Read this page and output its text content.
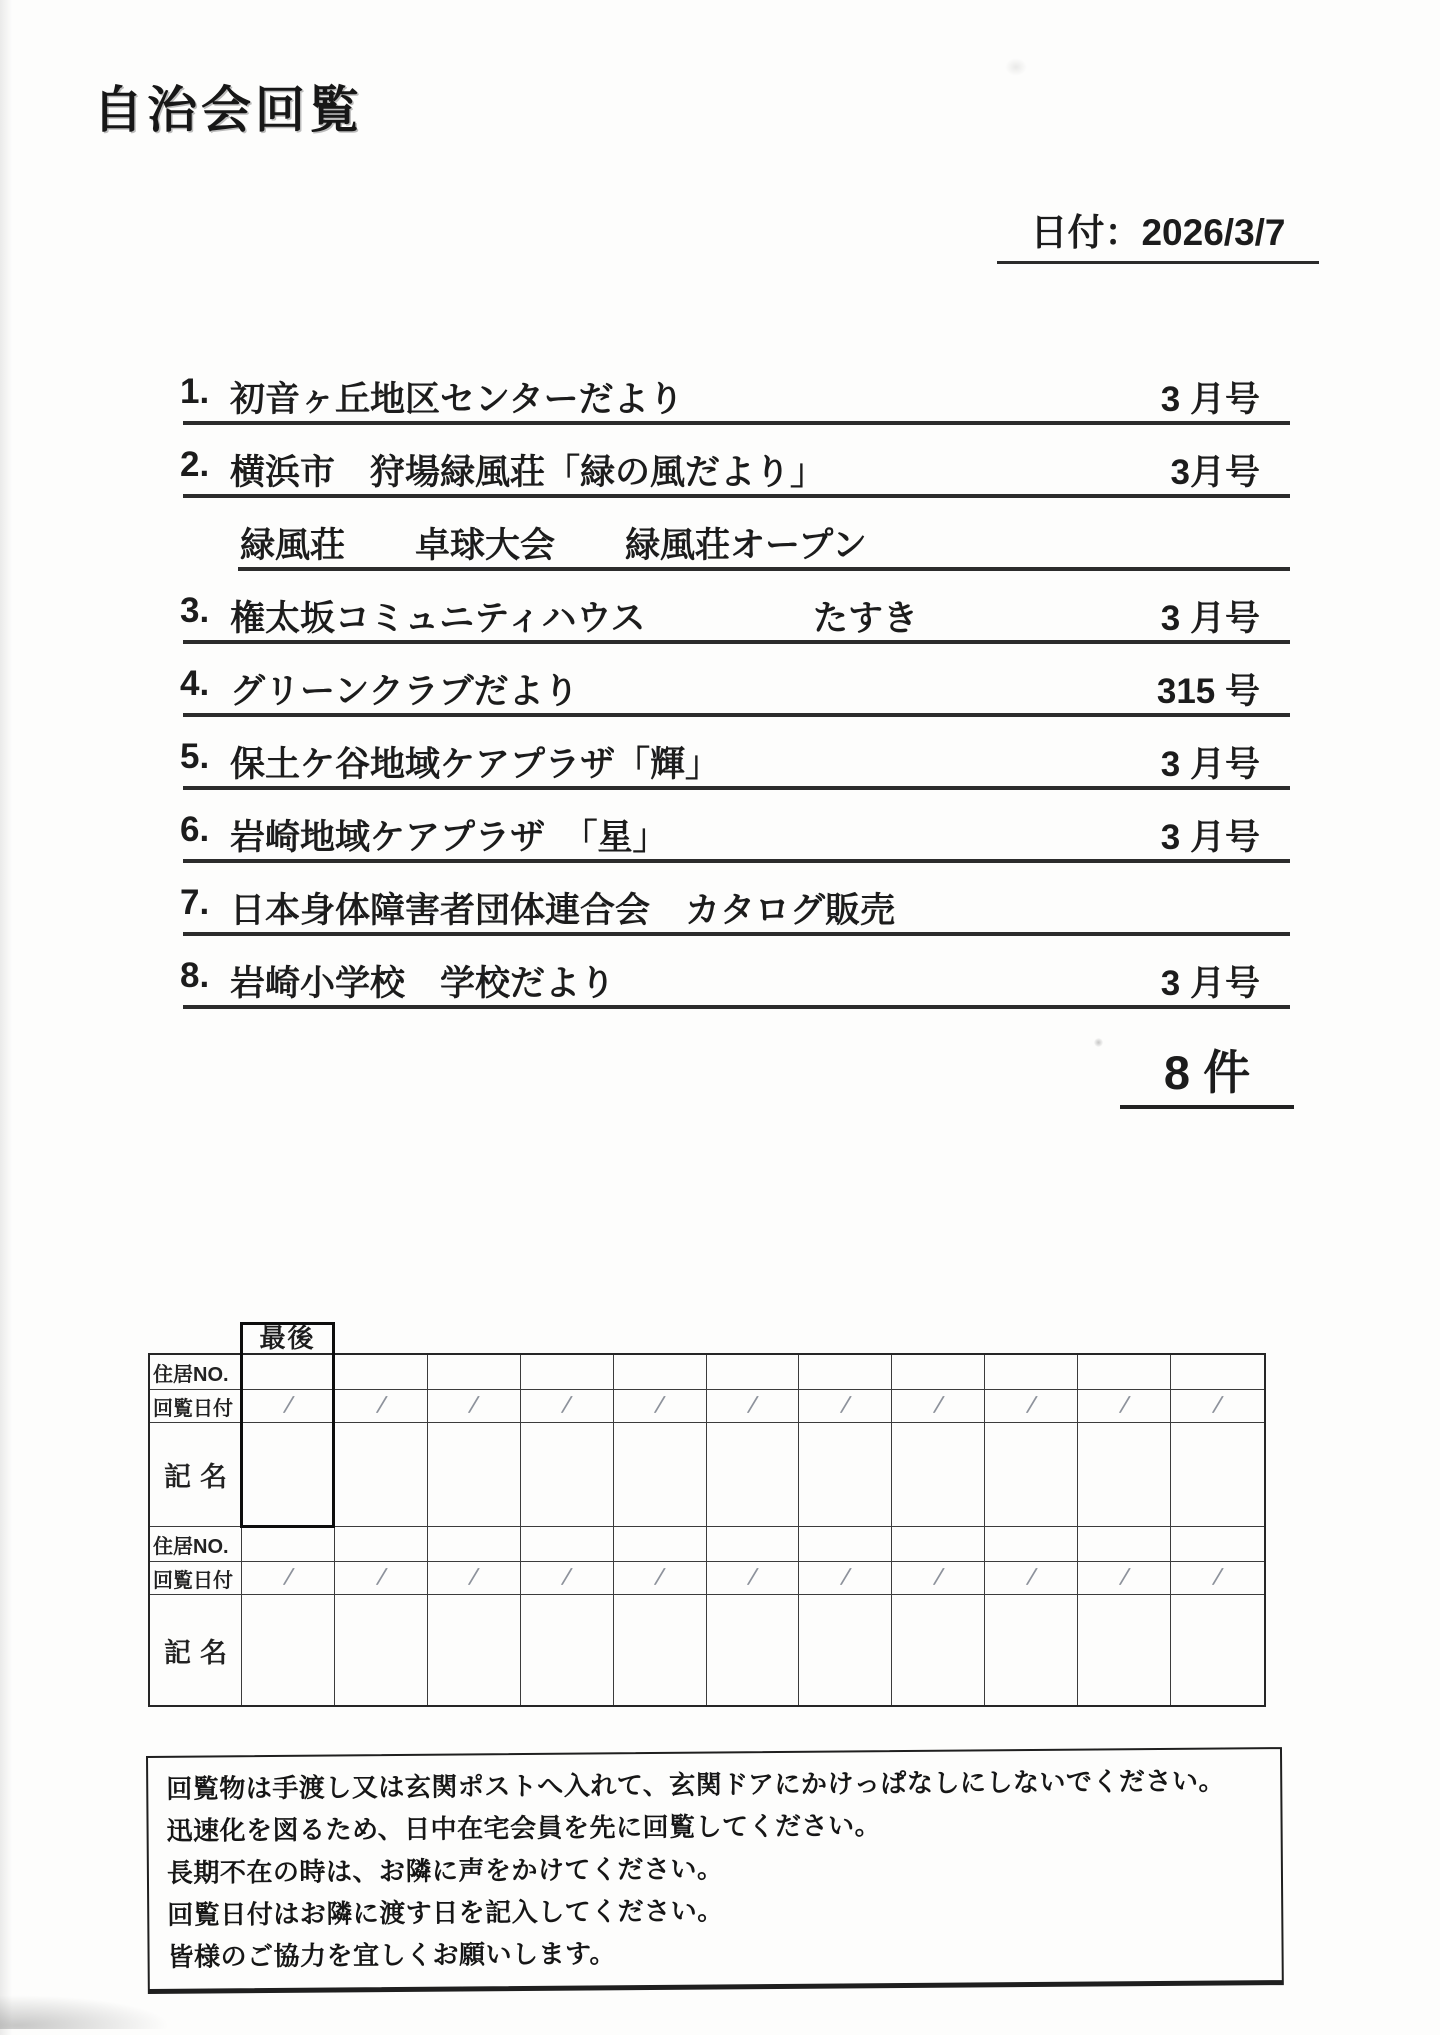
自治会回覧
日付：2026/3/7
1. 初音ヶ丘地区センターだより	3 月号
2. 横浜市　狩場緑風荘「緑の風だより」	3月号
緑風荘　　卓球大会　　緑風荘オープン
3. 権太坂コミュニティハウス	たすき	3 月号
4. グリーンクラブだより	315 号
5. 保土ケ谷地域ケアプラザ「輝」	3 月号
6. 岩崎地域ケアプラザ　「星」	3 月号
7. 日本身体障害者団体連合会　カタログ販売
8. 岩崎小学校　学校だより	3 月号
8 件
最後
住居NO.
回覧日付	/	/	/	/	/	/	/	/	/	/	/
記名
住居NO.
回覧日付	/	/	/	/	/	/	/	/	/	/	/
記名

回覧物は手渡し又は玄関ポストへ入れて、玄関ドアにかけっぱなしにしないでください。

迅速化を図るため、日中在宅会員を先に回覧してください。

長期不在の時は、お隣に声をかけてください。

回覧日付はお隣に渡す日を記入してください。

皆様のご協力を宜しくお願いします。
